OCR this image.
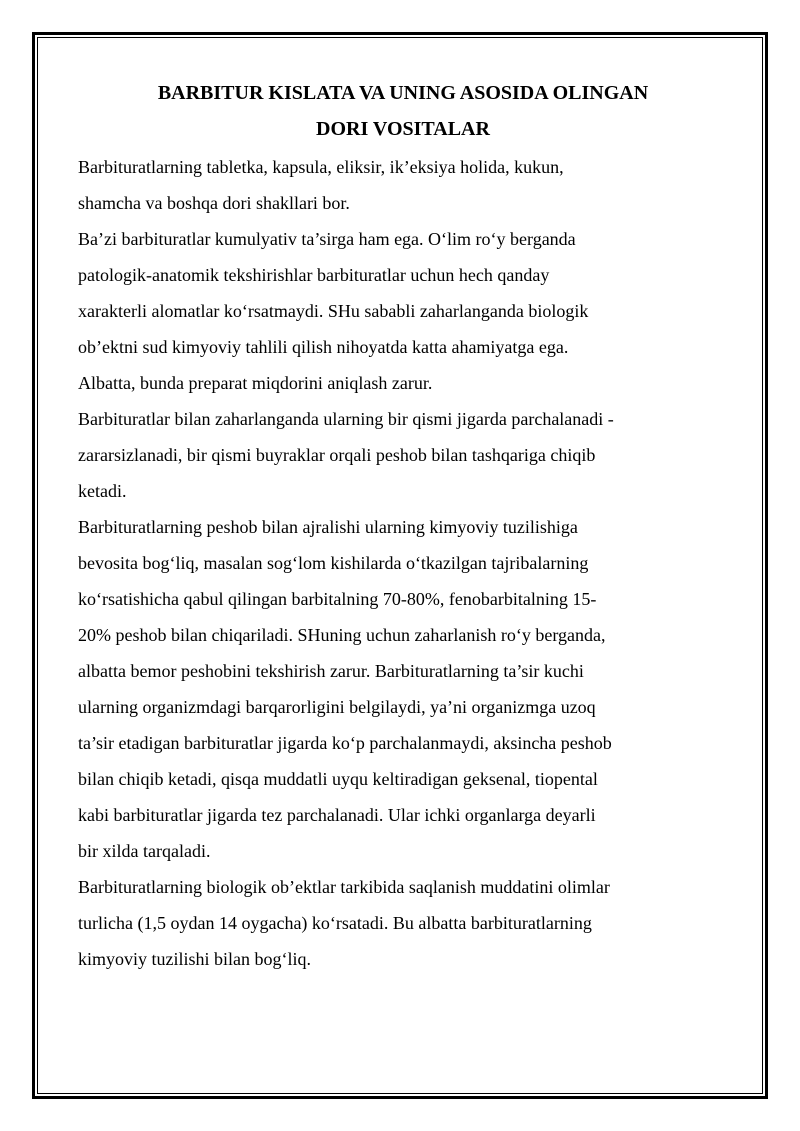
BARBITUR KISLATA VA UNING ASOSIDA OLINGAN
DORI VOSITALAR
Barbituratlarning tabletka, kapsula, eliksir, ik’eksiya holida, kukun,
shamcha va boshqa dori shakllari bor.
Ba’zi barbituratlar kumulyativ ta’sirga ham ega. O‘lim ro‘y berganda
patologik-anatomik tekshirishlar barbituratlar uchun hech qanday
xarakterli alomatlar ko‘rsatmaydi. SHu sababli zaharlanganda biologik
ob’ektni sud kimyoviy tahlili qilish nihoyatda katta ahamiyatga ega.
Albatta, bunda preparat miqdorini aniqlash zarur.
Barbituratlar bilan zaharlanganda ularning bir qismi jigarda parchalanadi -
zararsizlanadi, bir qismi buyraklar orqali peshob bilan tashqariga chiqib
ketadi.
Barbituratlarning peshob bilan ajralishi ularning kimyoviy tuzilishiga
bevosita bog‘liq, masalan sog‘lom kishilarda o‘tkazilgan tajribalarning
ko‘rsatishicha qabul qilingan barbitalning 70-80%, fenobarbitalning 15-
20% peshob bilan chiqariladi. SHuning uchun zaharlanish ro‘y berganda,
albatta bemor peshobini tekshirish zarur. Barbituratlarning ta’sir kuchi
ularning organizmdagi barqarorligini belgilaydi, ya’ni organizmga uzoq
ta’sir etadigan barbituratlar jigarda ko‘p parchalanmaydi, aksincha peshob
bilan chiqib ketadi, qisqa muddatli uyqu keltiradigan geksenal, tiopental
kabi barbituratlar jigarda tez parchalanadi. Ular ichki organlarga deyarli
bir xilda tarqaladi.
Barbituratlarning biologik ob’ektlar tarkibida saqlanish muddatini olimlar
turlicha (1,5 oydan 14 oygacha) ko‘rsatadi. Bu albatta barbituratlarning
kimyoviy tuzilishi bilan bog‘liq.
